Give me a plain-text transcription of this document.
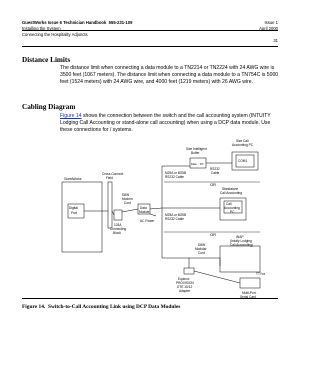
GuestWorks Issue 6 Technician Handbook 555-231-109
Installing the System
Connecting the Hospitality Adjuncts
Issue 1
April 2000
31
Distance Limits
The distance limit when connecting a data module to a TN2214 or TN2224 with 24 AWG wire is 3500 feet (1067 meters). The distance limit when connecting a data module to a TN754C is 5000 feet (1524 meters) with 24 AWG wire, and 4000 feet (1219 meters) with 26 AWG wire.
Cabling Diagram
Figure 14 shows the connection between the switch and the call accounting system (INTUITY Lodging Call Accounting or stand-alone call accounting) when using a DCP data module. Use these connections for / systems.
GuestWorks
Digital
Port
Cross-Connect
Field
D8W
Modem
Cord
Data
Module
103A
Connecting
Block
AC Power
OR
OR
M25A or M25B
RS232 Cable
M25A or M25B
RS232 Cable
Size Intelligent
Buffer
Data PC
RS232
Cable
COM1
Size Call
Accounting PC
Standalone
Call Accounting
Call
Accounting
PC
INAP
(Intuity Lodging
Call Accounting)
D8W
Modular
Cord
TTYxx
Equinox
PROVISION
DTE 10/12
Adapter	Multi-Port
Serial Card
Figure 14. Switch-to-Call Accounting Link using DCP Data Modules
